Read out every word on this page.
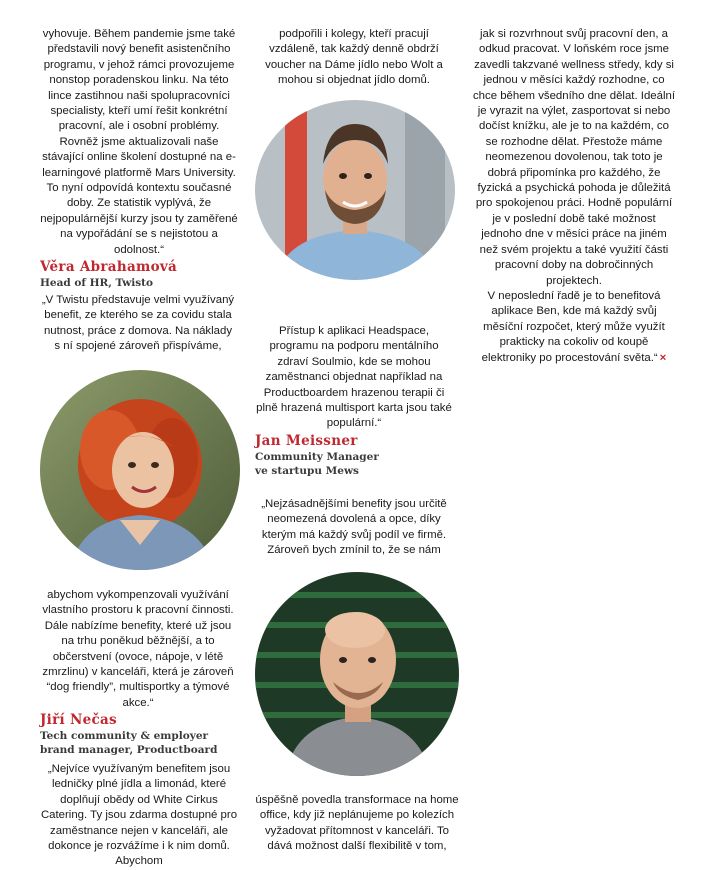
vyhovuje. Během pandemie jsme také představili nový benefit asistenčního programu, v jehož rámci provozujeme nonstop poradenskou linku. Na této lince zastihnou naši spolupracovníci specialisty, kteří umí řešit konkrétní pracovní, ale i osobní problémy. Rovněž jsme aktualizovali naše stávající online školení dostupné na e-learningové platformě Mars University. To nyní odpovídá kontextu současné doby. Ze statistik vyplývá, že nejpopulárnější kurzy jsou ty zaměřené na vypořádání se s nejistotou a odolnost.“

Věra Abrahamová
Head of HR, Twisto

„V Twistu představuje velmi využívaný benefit, ze kterého se za covidu stala nutnost, práce z domova. Na náklady s ní spojené zároveň přispíváme,

abychom vykompenzovali využívání vlastního prostoru k pracovní činnosti. Dále nabízíme benefity, které už jsou na trhu poněkud běžnější, a to občerstvení (ovoce, nápoje, v létě zmrzlinu) v kanceláři, která je zároveň “dog friendly”, multisportky a týmové akce.“

Jiří Nečas
Tech community & employer brand manager, Productboard

„Nejvíce využívaným benefitem jsou ledničky plné jídla a limonád, které doplňují obědy od White Cirkus Catering. Ty jsou zdarma dostupné pro zaměstnance nejen v kanceláři, ale dokonce je rozvážíme i k nim domů. Abychom

podpořili i kolegy, kteří pracují vzdáleně, tak každý denně obdrží voucher na Dáme jídlo nebo Wolt a mohou si objednat jídlo domů.

Přístup k aplikaci Headspace, programu na podporu mentálního zdraví Soulmio, kde se mohou zaměstnanci objednat například na Productboardem hrazenou terapii či plně hrazená multisport karta jsou také populární.“

Jan Meissner
Community Manager ve startupu Mews

„Nejzásadnějšími benefity jsou určitě neomezená dovolená a opce, díky kterým má každý svůj podíl ve firmě. Zároveň bych zmínil to, že se nám

úspěšně povedla transformace na home office, kdy již neplánujeme po kolezích vyžadovat přítomnost v kanceláři. To dává možnost další flexibilitě v tom,

jak si rozvrhnout svůj pracovní den, a odkud pracovat. V loňském roce jsme zavedli takzvané wellness středy, kdy si jednou v měsíci každý rozhodne, co chce během všedního dne dělat. Ideální je vyrazit na výlet, zasportovat si nebo dočíst knížku, ale je to na každém, co se rozhodne dělat. Přestože máme neomezenou dovolenou, tak toto je dobrá připomínka pro každého, že fyzická a psychická pohoda je důležitá pro spokojenou práci. Hodně populární je v poslední době také možnost jednoho dne v měsíci práce na jiném než svém projektu a také využití části pracovní doby na dobročinných projektech.

V neposlední řadě je to benefitová aplikace Ben, kde má každý svůj měsíční rozpočet, který může využít prakticky na cokoliv od koupě elektroniky po procestování světa.“ ×
